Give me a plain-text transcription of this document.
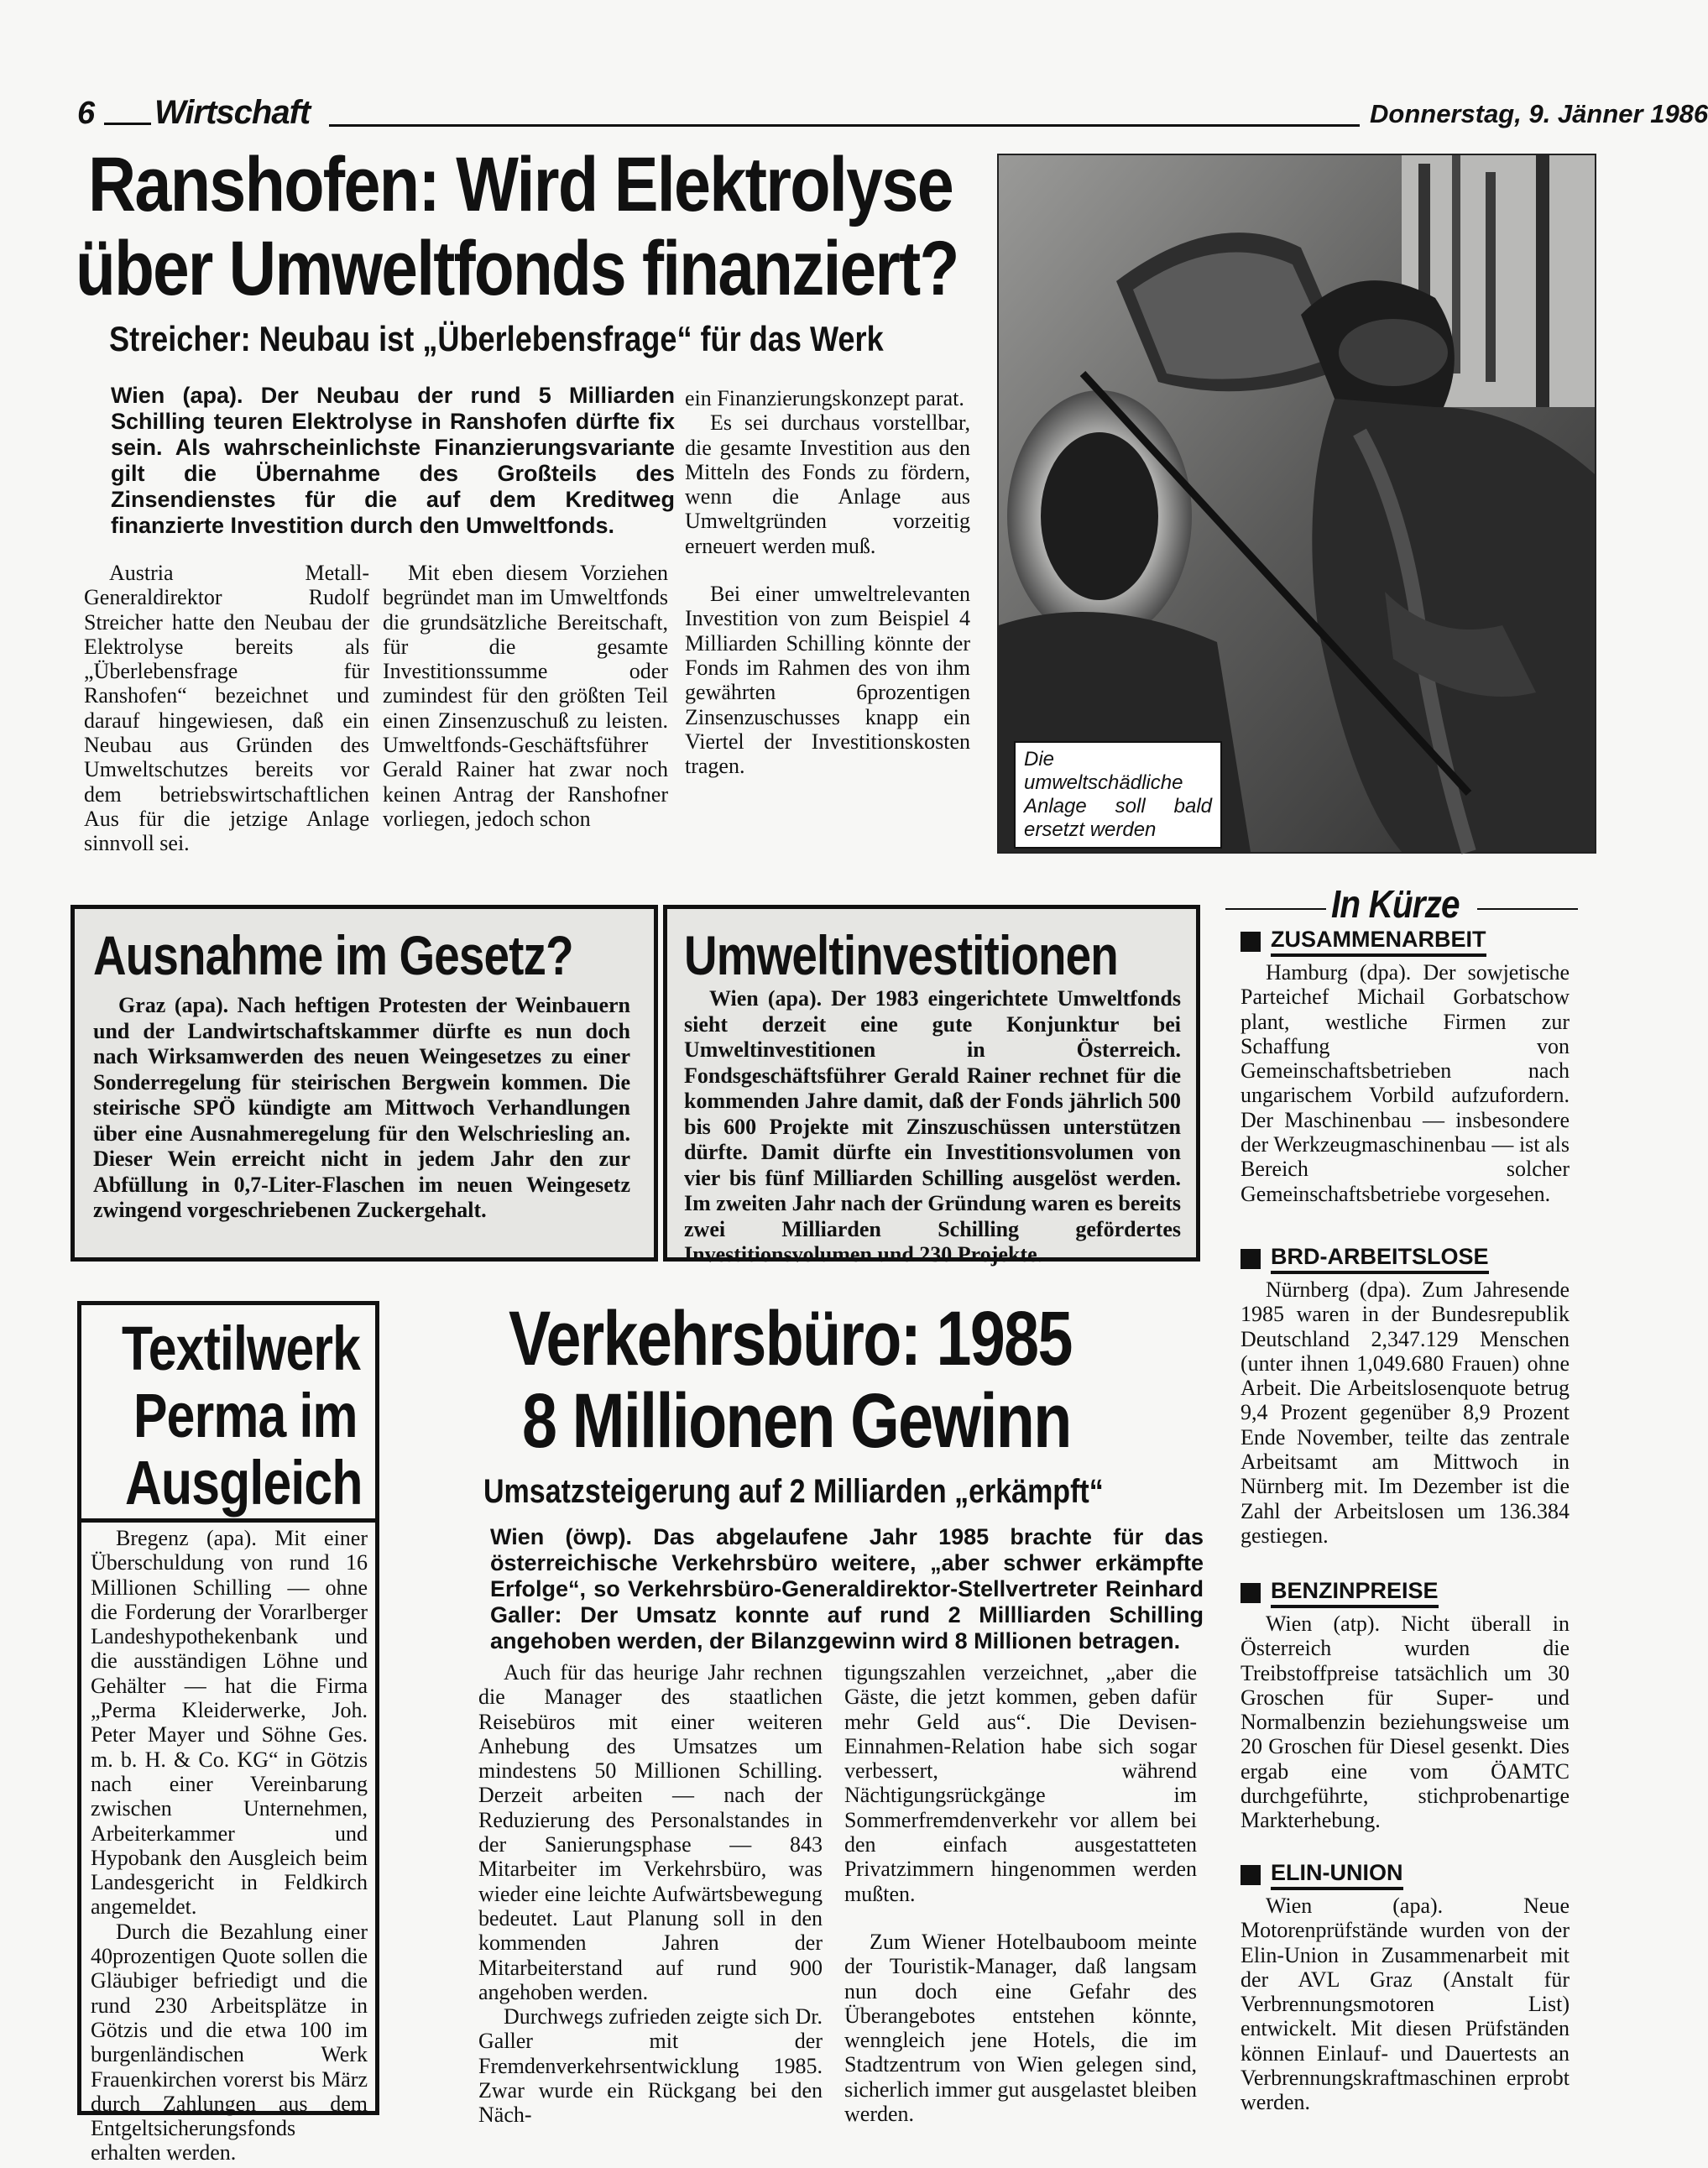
6 Wirtschaft	Donnerstag, 9. Jänner 1986
Ranshofen: Wird Elektrolyse
über Umweltfonds finanziert?
Streicher: Neubau ist „Überlebensfrage“ für das Werk

Wien (apa). Der Neubau der rund 5 Milliarden Schilling teuren Elektrolyse in Ranshofen dürfte fix sein. Als wahrscheinlichste Finanzierungsvariante gilt die Übernahme des Großteils des Zinsendienstes für die auf dem Kreditweg finanzierte Investition durch den Umweltfonds.

Austria Metall-Generaldirektor Rudolf Streicher hatte den Neubau der Elektrolyse bereits als „Überlebensfrage für Ranshofen“ bezeichnet und darauf hingewiesen, daß ein Neubau aus Gründen des Umweltschutzes bereits vor dem betriebswirtschaftlichen Aus für die jetzige Anlage sinnvoll sei.

Mit eben diesem Vorziehen begründet man im Umweltfonds die grundsätzliche Bereitschaft, für die gesamte Investitionssumme oder zumindest für den größten Teil einen Zinsenzuschuß zu leisten. Umweltfonds-Geschäftsführer Gerald Rainer hat zwar noch keinen Antrag der Ranshofner vorliegen, jedoch schon

ein Finanzierungskonzept parat.

Es sei durchaus vorstellbar, die gesamte Investition aus den Mitteln des Fonds zu fördern, wenn die Anlage aus Umweltgründen vorzeitig erneuert werden muß.

Bei einer umweltrelevanten Investition von zum Beispiel 4 Milliarden Schilling könnte der Fonds im Rahmen des von ihm gewährten 6prozentigen Zinsenzuschusses knapp ein Viertel der Investitionskosten tragen.	Die umweltschädliche Anlage soll bald ersetzt werden
Ausnahme im Gesetz?

Graz (apa). Nach heftigen Protesten der Weinbauern und der Landwirtschaftskammer dürfte es nun doch nach Wirksamwerden des neuen Weingesetzes zu einer Sonderregelung für steirischen Bergwein kommen. Die steirische SPÖ kündigte am Mittwoch Verhandlungen über eine Ausnahmeregelung für den Welschriesling an. Dieser Wein erreicht nicht in jedem Jahr den zur Abfüllung in 0,7-Liter-Flaschen im neuen Weingesetz zwingend vorgeschriebenen Zuckergehalt.

Umweltinvestitionen

Wien (apa). Der 1983 eingerichtete Umweltfonds sieht derzeit eine gute Konjunktur bei Umweltinvestitionen in Österreich. Fondsgeschäftsführer Gerald Rainer rechnet für die kommenden Jahre damit, daß der Fonds jährlich 500 bis 600 Projekte mit Zinszuschüssen unterstützen dürfte. Damit dürfte ein Investitionsvolumen von vier bis fünf Milliarden Schilling ausgelöst werden. Im zweiten Jahr nach der Gründung waren es bereits zwei Milliarden Schilling gefördertes Investitionsvolumen und 230 Projekte.

Textilwerk
Perma im
Ausgleich

Bregenz (apa). Mit einer Überschuldung von rund 16 Millionen Schilling — ohne die Forderung der Vorarlberger Landeshypothekenbank und die ausständigen Löhne und Gehälter — hat die Firma „Perma Kleiderwerke, Joh. Peter Mayer und Söhne Ges. m. b. H. & Co. KG“ in Götzis nach einer Vereinbarung zwischen Unternehmen, Arbeiterkammer und Hypobank den Ausgleich beim Landesgericht in Feldkirch angemeldet.

Durch die Bezahlung einer 40prozentigen Quote sollen die Gläubiger befriedigt und die rund 230 Arbeitsplätze in Götzis und die etwa 100 im burgenländischen Werk Frauenkirchen vorerst bis März durch Zahlungen aus dem Entgeltsicherungsfonds erhalten werden.

Verkehrsbüro: 1985
8 Millionen Gewinn
Umsatzsteigerung auf 2 Milliarden „erkämpft“

Wien (öwp). Das abgelaufene Jahr 1985 brachte für das österreichische Verkehrsbüro weitere, „aber schwer erkämpfte Erfolge“, so Verkehrsbüro-Generaldirektor-Stellvertreter Reinhard Galler: Der Umsatz konnte auf rund 2 Millliarden Schilling angehoben werden, der Bilanzgewinn wird 8 Millionen betragen.

Auch für das heurige Jahr rechnen die Manager des staatlichen Reisebüros mit einer weiteren Anhebung des Umsatzes um mindestens 50 Millionen Schilling. Derzeit arbeiten — nach der Reduzierung des Personalstandes in der Sanierungsphase — 843 Mitarbeiter im Verkehrsbüro, was wieder eine leichte Aufwärtsbewegung bedeutet. Laut Planung soll in den kommenden Jahren der Mitarbeiterstand auf rund 900 angehoben werden.

Durchwegs zufrieden zeigte sich Dr. Galler mit der Fremdenverkehrsentwicklung 1985. Zwar wurde ein Rückgang bei den Näch-

tigungszahlen verzeichnet, „aber die Gäste, die jetzt kommen, geben dafür mehr Geld aus“. Die Devisen-Einnahmen-Relation habe sich sogar verbessert, während Nächtigungsrückgänge im Sommerfremdenverkehr vor allem bei den einfach ausgestatteten Privatzimmern hingenommen werden mußten.

Zum Wiener Hotelbauboom meinte der Touristik-Manager, daß langsam nun doch eine Gefahr des Überangebotes entstehen könnte, wenngleich jene Hotels, die im Stadtzentrum von Wien gelegen sind, sicherlich immer gut ausgelastet bleiben werden.

In Kürze
ZUSAMMENARBEIT

Hamburg (dpa). Der sowjetische Parteichef Michail Gorbatschow plant, westliche Firmen zur Schaffung von Gemeinschaftsbetrieben nach ungarischem Vorbild aufzufordern. Der Maschinenbau — insbesondere der Werkzeugmaschinenbau — ist als Bereich solcher Gemeinschaftsbetriebe vorgesehen.

BRD-ARBEITSLOSE

Nürnberg (dpa). Zum Jahresende 1985 waren in der Bundesrepublik Deutschland 2,347.129 Menschen (unter ihnen 1,049.680 Frauen) ohne Arbeit. Die Arbeitslosenquote betrug 9,4 Prozent gegenüber 8,9 Prozent Ende November, teilte das zentrale Arbeitsamt am Mittwoch in Nürnberg mit. Im Dezember ist die Zahl der Arbeitslosen um 136.384 gestiegen.

BENZINPREISE

Wien (atp). Nicht überall in Österreich wurden die Treibstoffpreise tatsächlich um 30 Groschen für Super- und Normalbenzin beziehungsweise um 20 Groschen für Diesel gesenkt. Dies ergab eine vom ÖAMTC durchgeführte, stichprobenartige Markterhebung.

ELIN-UNION

Wien (apa). Neue Motorenprüfstände wurden von der Elin-Union in Zusammenarbeit mit der AVL Graz (Anstalt für Verbrennungsmotoren List) entwickelt. Mit diesen Prüfständen können Einlauf- und Dauertests an Verbrennungskraftmaschinen erprobt werden.
